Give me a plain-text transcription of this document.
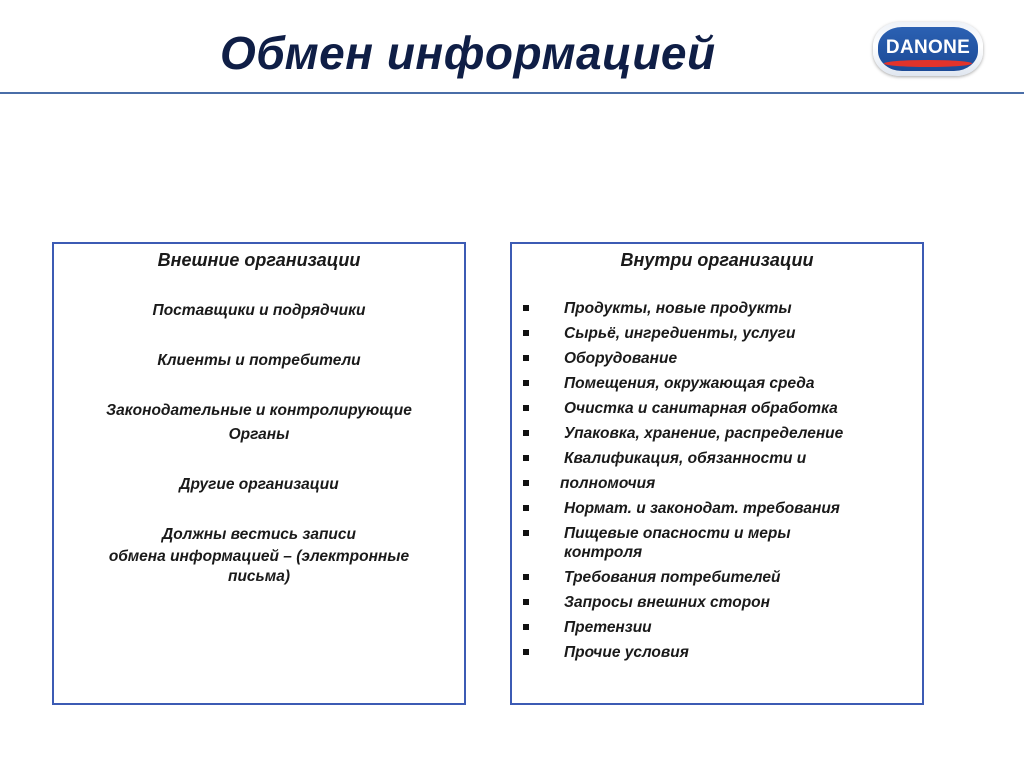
Обмен информацией	DANONE
Внешние организации
Поставщики и подрядчики
Клиенты и потребители
Законодательные и контролирующие
Органы
Другие организации
Должны вестись записи
обмена информацией – (электронные
письма)
Внутри организации
Продукты, новые продукты
Сырьё, ингредиенты, услуги
Оборудование
Помещения, окружающая среда
Очистка и санитарная обработка
Упаковка, хранение, распределение
Квалификация, обязанности и
полномочия
Нормат. и законодат. требования
Пищевые опасности и меры контроля
Требования потребителей
Запросы внешних сторон
Претензии
Прочие условия
